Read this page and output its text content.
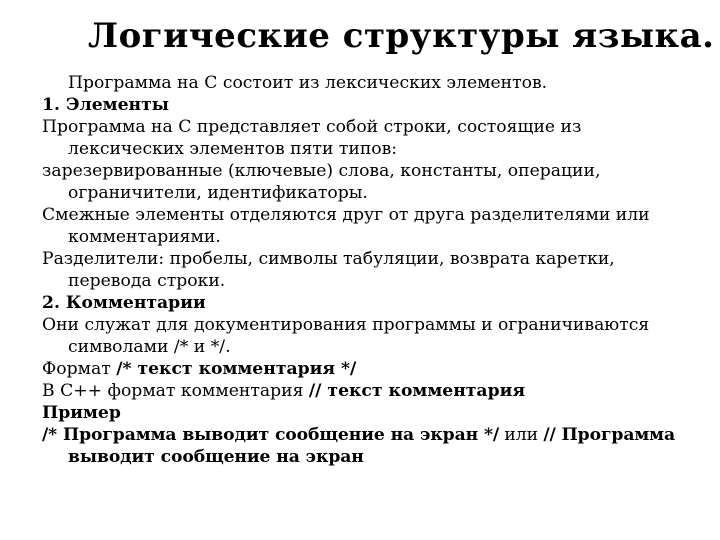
Логические структуры языка.

Программа на С состоит из лексических элементов.

1. Элементы

Программа на С представляет собой строки, состоящие из лексических элементов пяти типов:

зарезервированные (ключевые) слова, константы, операции, ограничители, идентификаторы.

Смежные элементы отделяются друг от друга разделителями или комментариями.

Разделители: пробелы, символы табуляции, возврата каретки, перевода строки.

2. Комментарии

Они служат для документирования программы и ограничиваются символами /* и */.

Формат /* текст комментария */

В С++ формат комментария // текст комментария

Пример

/* Программа выводит сообщение на экран */ или // Программа выводит сообщение на экран
